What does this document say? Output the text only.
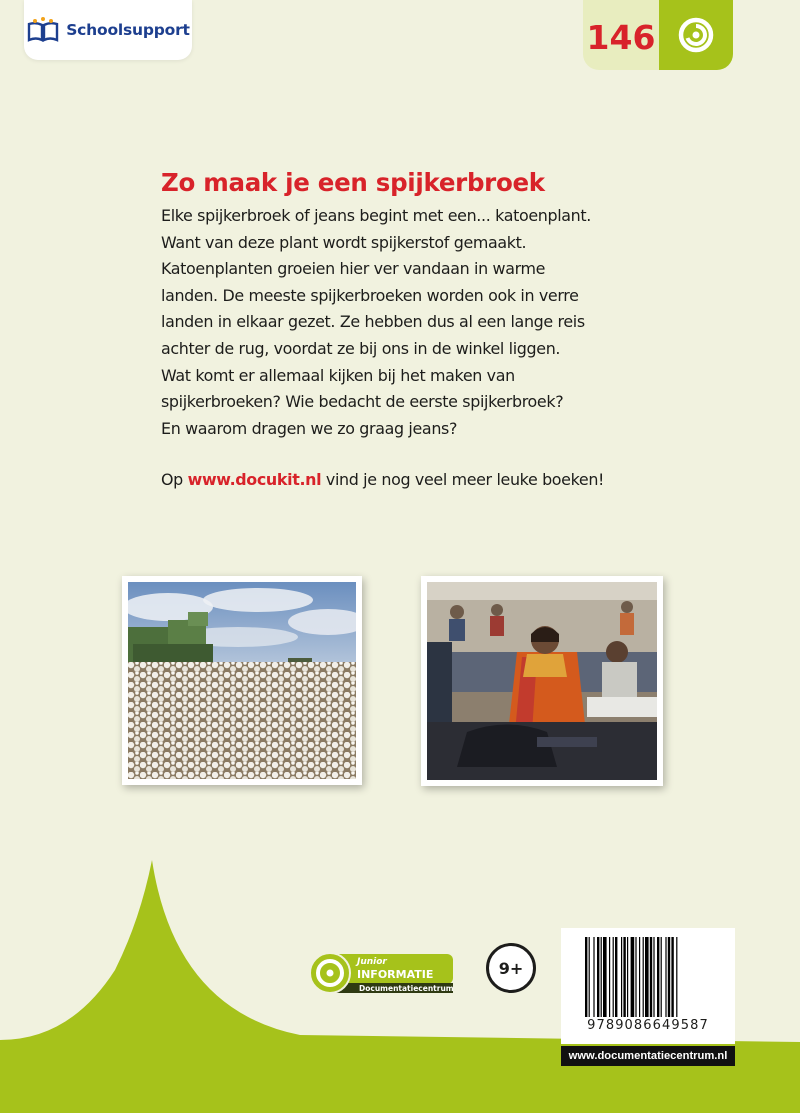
Schoolsupport	146
Zo maak je een spijkerbroek
Elke spijkerbroek of jeans begint met een... katoenplant.
Want van deze plant wordt spijkerstof gemaakt.
Katoenplanten groeien hier ver vandaan in warme
landen. De meeste spijkerbroeken worden ook in verre
landen in elkaar gezet. Ze hebben dus al een lange reis
achter de rug, voordat ze bij ons in de winkel liggen.
Wat komt er allemaal kijken bij het maken van
spijkerbroeken? Wie bedacht de eerste spijkerbroek?
En waarom dragen we zo graag jeans?
Op www.docukit.nl vind je nog veel meer leuke boeken!
Junior
INFORMATIE
Documentatiecentrum
9+
9789086649587
www.documentatiecentrum.nl
